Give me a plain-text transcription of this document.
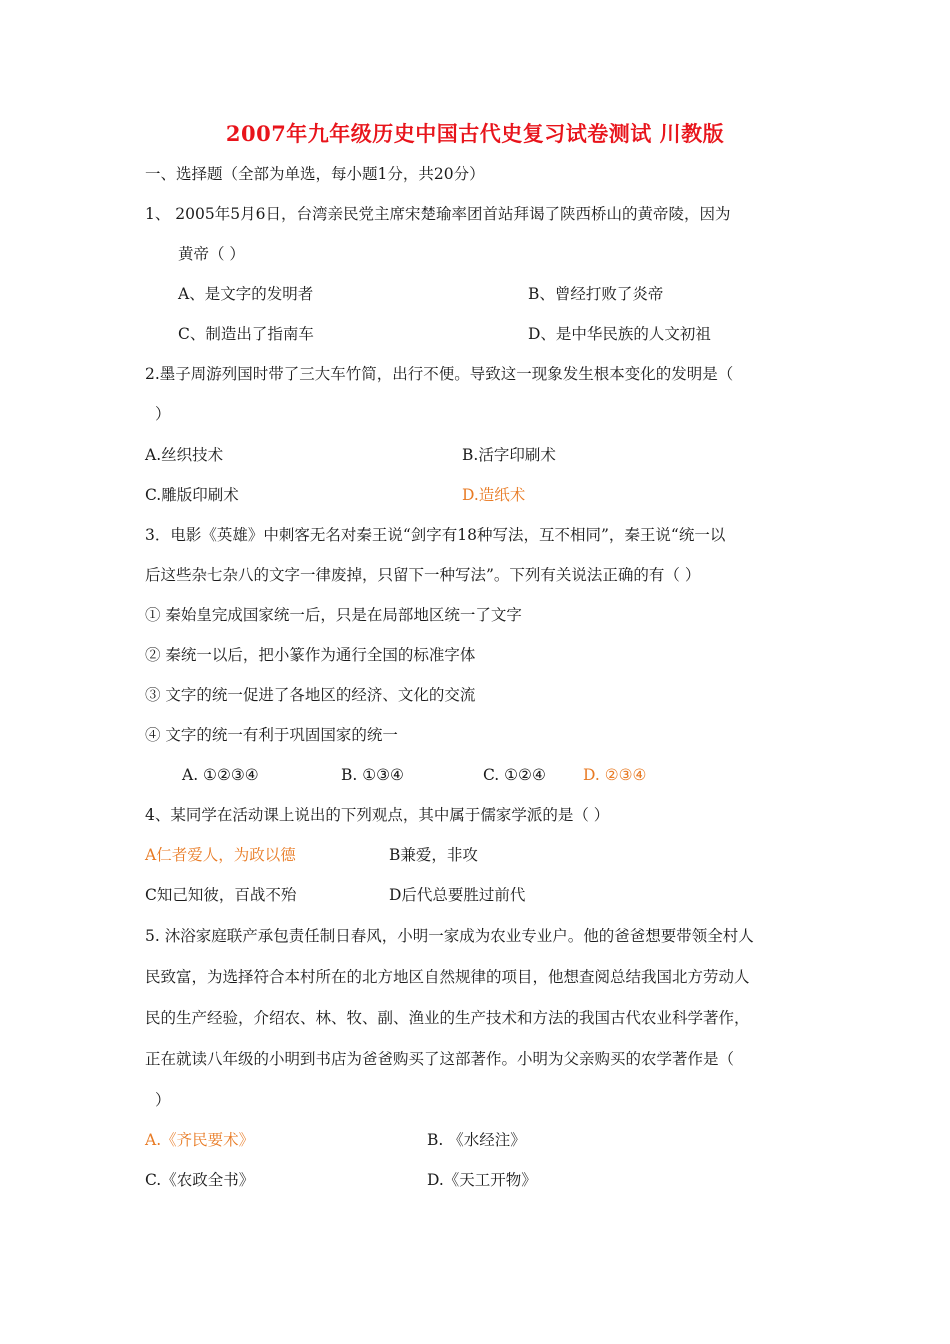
2007年九年级历史中国古代史复习试卷测试 川教版
一、选择题（全部为单选，每小题1分，共20分）
1、 2005年5月6日，台湾亲民党主席宋楚瑜率团首站拜谒了陕西桥山的黄帝陵，因为
黄帝（ ）
A、是文字的发明者	B、曾经打败了炎帝
C、制造出了指南车	D、是中华民族的人文初祖
2.墨子周游列国时带了三大车竹简，出行不便。导致这一现象发生根本变化的发明是（
）
A.丝织技术	B.活字印刷术
C.雕版印刷术	D.造纸术
3．电影《英雄》中刺客无名对秦王说“剑字有18种写法，互不相同”，秦王说“统一以
后这些杂七杂八的文字一律废掉，只留下一种写法”。下列有关说法正确的有（ ）
① 秦始皇完成国家统一后，只是在局部地区统一了文字
② 秦统一以后，把小篆作为通行全国的标准字体
③ 文字的统一促进了各地区的经济、文化的交流
④ 文字的统一有利于巩固国家的统一
A. ①②③④	B. ①③④	C. ①②④ D. ②③④
4、某同学在活动课上说出的下列观点，其中属于儒家学派的是（ ）
A仁者爱人，为政以德	B兼爱，非攻
C知己知彼，百战不殆	D后代总要胜过前代
5. 沐浴家庭联产承包责任制日春风，小明一家成为农业专业户。他的爸爸想要带领全村人
民致富，为选择符合本村所在的北方地区自然规律的项目，他想查阅总结我国北方劳动人
民的生产经验，介绍农、林、牧、副、渔业的生产技术和方法的我国古代农业科学著作，
正在就读八年级的小明到书店为爸爸购买了这部著作。小明为父亲购买的农学著作是（
）
A.《齐民要术》	B. 《水经注》
C.《农政全书》	D.《天工开物》
